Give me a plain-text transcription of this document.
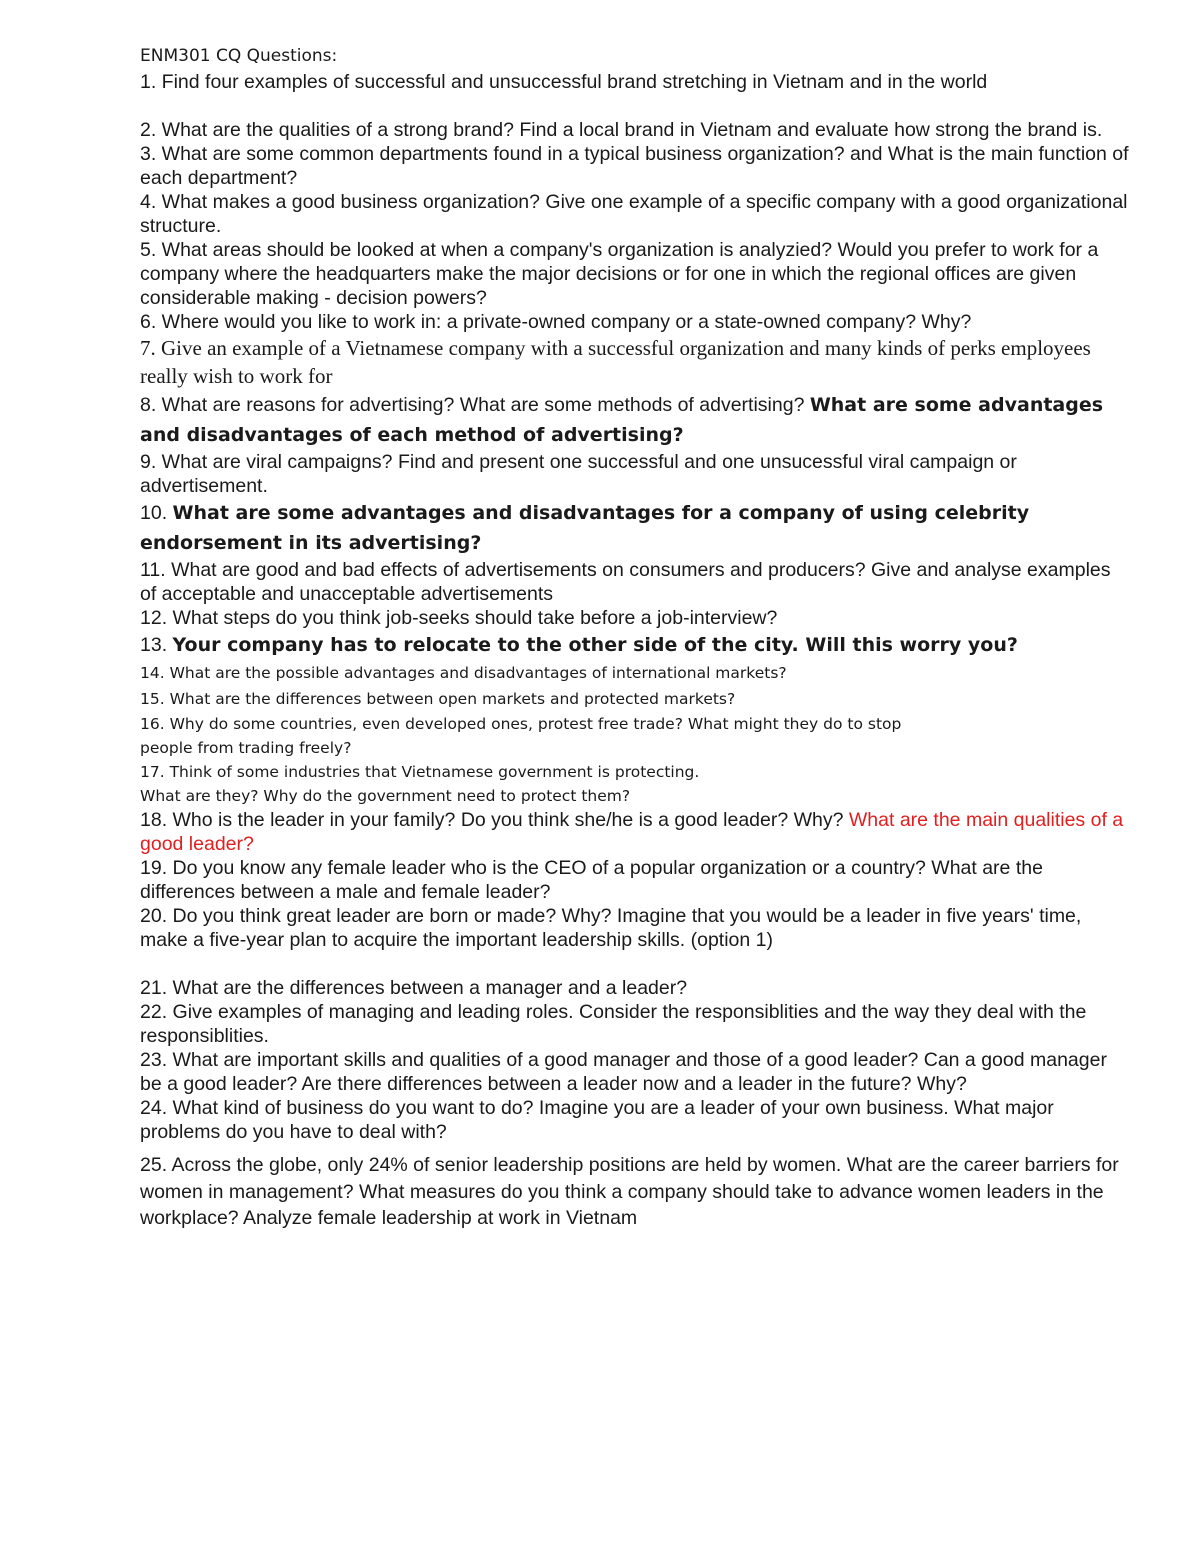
ENM301 CQ Questions:

1. Find four examples of successful and unsuccessful brand stretching in Vietnam and in the world

2. What are the qualities of a strong brand? Find a local brand in Vietnam and evaluate how strong the brand is.

3. What are some common departments found in a typical business organization? and What is the main function of each department?

4. What makes a good business organization? Give one example of a specific company with a good organizational structure.

5. What areas should be looked at when a company's organization is analyzied? Would you prefer to work for a company where the headquarters make the major decisions or for one in which the regional offices are given considerable making - decision powers?

6. Where would you like to work in: a private-owned company or a state-owned company? Why?

7. Give an example of a Vietnamese company with a successful organization and many kinds of perks employees really wish to work for

8. What are reasons for advertising? What are some methods of advertising? What are some advantages and disadvantages of each method of advertising?

9. What are viral campaigns? Find and present one successful and one unsucessful viral campaign or advertisement.

10. What are some advantages and disadvantages for a company of using celebrity endorsement in its advertising?

11. What are good and bad effects of advertisements on consumers and producers? Give and analyse examples of acceptable and unacceptable advertisements

12. What steps do you think job-seeks should take before a job-interview?

13. Your company has to relocate to the other side of the city. Will this worry you?

14. What are the possible advantages and disadvantages of international markets?

15. What are the differences between open markets and protected markets?

16. Why do some countries, even developed ones, protest free trade? What might they do to stop

people from trading freely?

17. Think of some industries that Vietnamese government is protecting.

What are they? Why do the government need to protect them?

18. Who is the leader in your family? Do you think she/he is a good leader? Why? What are the main qualities of a good leader?

19. Do you know any female leader who is the CEO of a popular organization or a country? What are the differences between a male and female leader?

20. Do you think great leader are born or made? Why? Imagine that you would be a leader in five years' time, make a five-year plan to acquire the important leadership skills. (option 1)

21. What are the differences between a manager and a leader?

22. Give examples of managing and leading roles. Consider the responsiblities and the way they deal with the responsiblities.

23. What are important skills and qualities of a good manager and those of a good leader? Can a good manager be a good leader? Are there differences between a leader now and a leader in the future? Why?

24. What kind of business do you want to do? Imagine you are a leader of your own business. What major problems do you have to deal with?

25. Across the globe, only 24% of senior leadership positions are held by women. What are the career barriers for women in management? What measures do you think a company should take to advance women leaders in the workplace? Analyze female leadership at work in Vietnam
